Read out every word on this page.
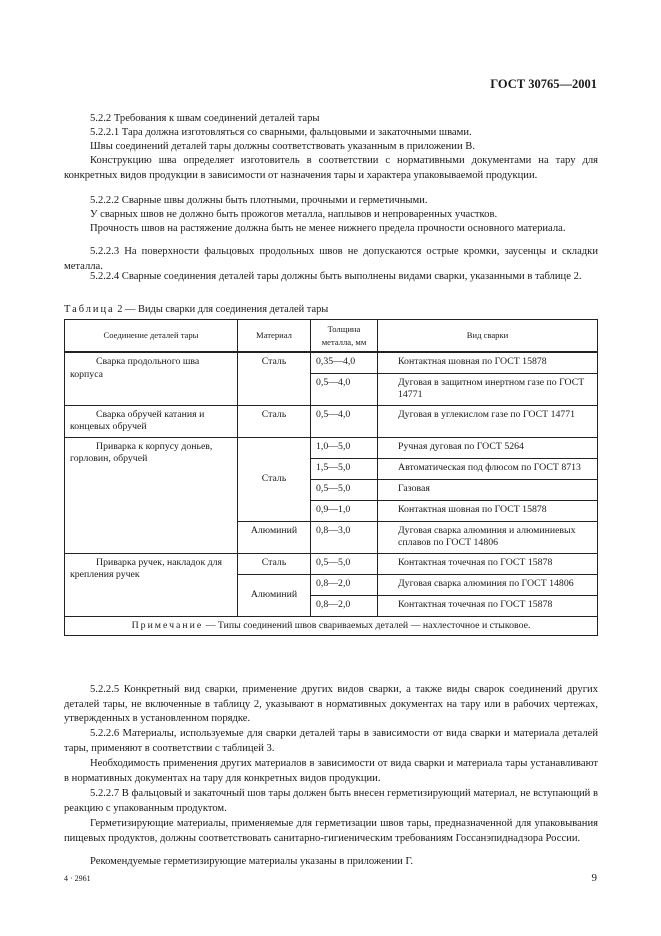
ГОСТ 30765—2001

5.2.2 Требования к швам соединений деталей тары

5.2.2.1 Тара должна изготовляться со сварными, фальцовыми и закаточными швами.

Швы соединений деталей тары должны соответствовать указанным в приложении В.

Конструкцию шва определяет изготовитель в соответствии с нормативными документами на тару для конкретных видов продукции в зависимости от назначения тары и характера упаковываемой продукции.

5.2.2.2 Сварные швы должны быть плотными, прочными и герметичными.

У сварных швов не должно быть прожогов металла, наплывов и непроваренных участков.

Прочность швов на растяжение должна быть не менее нижнего предела прочности основного материала.

5.2.2.3 На поверхности фальцовых продольных швов не допускаются острые кромки, заусенцы и складки металла.

5.2.2.4 Сварные соединения деталей тары должны быть выполнены видами сварки, указанными в таблице 2.

Таблица 2 — Виды сварки для соединения деталей тары
Соединение деталей тары	Материал	Толщина металла, мм	Вид сварки
Сварка продольного шва корпуса	Сталь	0,35—4,0	Контактная шовная по ГОСТ 15878
		0,5—4,0	Дуговая в защитном инертном газе по ГОСТ 14771
Сварка обручей катания и концевых обручей	Сталь	0,5—4,0	Дуговая в углекислом газе по ГОСТ 14771
Приварка к корпусу доньев, горловин, обручей	Сталь	1,0—5,0	Ручная дуговая по ГОСТ 5264
		1,5—5,0	Автоматическая под флюсом по ГОСТ 8713
		0,5—5,0	Газовая
		0,9—1,0	Контактная шовная по ГОСТ 15878
	Алюминий	0,8—3,0	Дуговая сварка алюминия и алюминиевых сплавов по ГОСТ 14806
Приварка ручек, накладок для крепления ручек	Сталь	0,5—5,0	Контактная точечная по ГОСТ 15878
	Алюминий	0,8—2,0	Дуговая сварка алюминия по ГОСТ 14806
		0,8—2,0	Контактная точечная по ГОСТ 15878
Примечание — Типы соединений швов свариваемых деталей — нахлесточное и стыковое.			

5.2.2.5 Конкретный вид сварки, применение других видов сварки, а также виды сварок соединений других деталей тары, не включенные в таблицу 2, указывают в нормативных документах на тару или в рабочих чертежах, утвержденных в установленном порядке.

5.2.2.6 Материалы, используемые для сварки деталей тары в зависимости от вида сварки и материала деталей тары, применяют в соответствии с таблицей 3.

Необходимость применения других материалов в зависимости от вида сварки и материала тары устанавливают в нормативных документах на тару для конкретных видов продукции.

5.2.2.7 В фальцовый и закаточный шов тары должен быть внесен герметизирующий материал, не вступающий в реакцию с упакованным продуктом.

Герметизирующие материалы, применяемые для герметизации швов тары, предназначенной для упаковывания пищевых продуктов, должны соответствовать санитарно-гигиеническим требованиям Госсанэпиднадзора России.

Рекомендуемые герметизирующие материалы указаны в приложении Г.

4 · 2961	9
